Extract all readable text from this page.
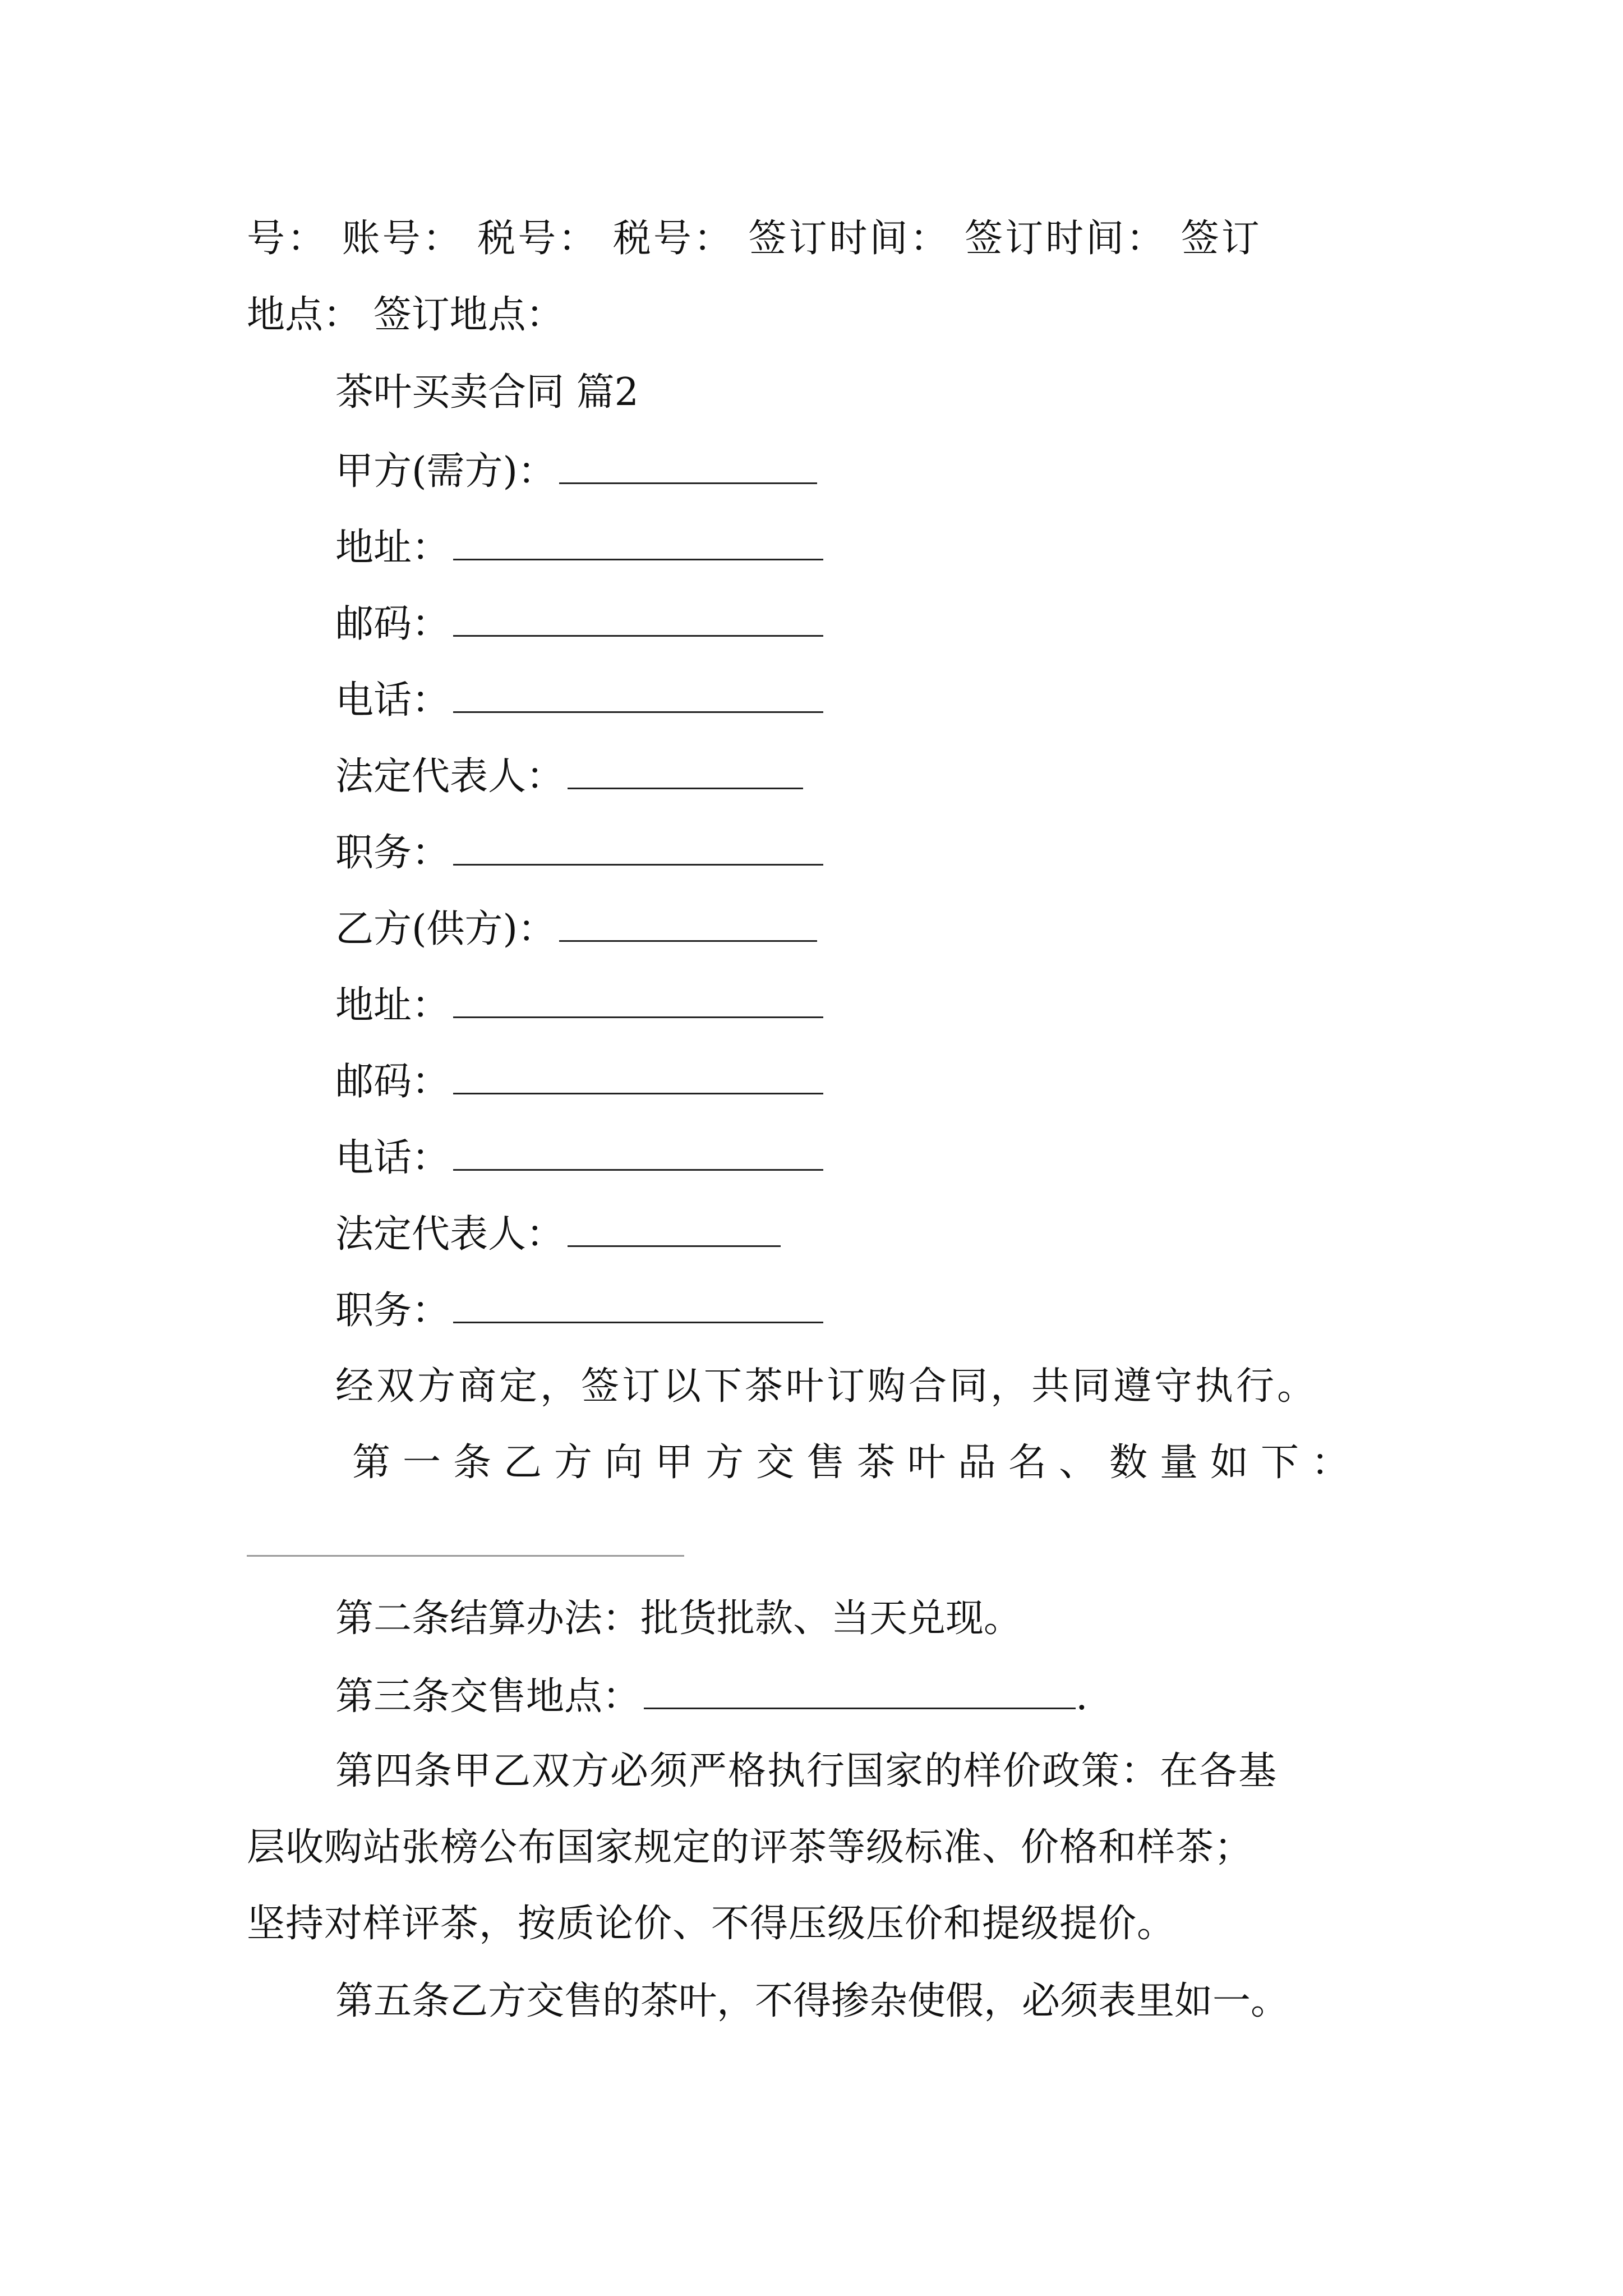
号： 账号： 税号： 税号： 签订时间： 签订时间： 签订
地点： 签订地点：
茶叶买卖合同 篇2
甲方(需方)：
地址：
邮码：
电话：
法定代表人：
职务：
乙方(供方)：
地址：
邮码：
电话：
法定代表人：
职务：
经双方商定，签订以下茶叶订购合同，共同遵守执行。
第一条乙方向甲方交售茶叶品名、数量如下：
第二条结算办法：批货批款、当天兑现。
第三条交售地点：	.
第四条甲乙双方必须严格执行国家的样价政策：在各基
层收购站张榜公布国家规定的评茶等级标准、价格和样茶；
坚持对样评茶，按质论价、不得压级压价和提级提价。
第五条乙方交售的茶叶，不得掺杂使假，必须表里如一。
